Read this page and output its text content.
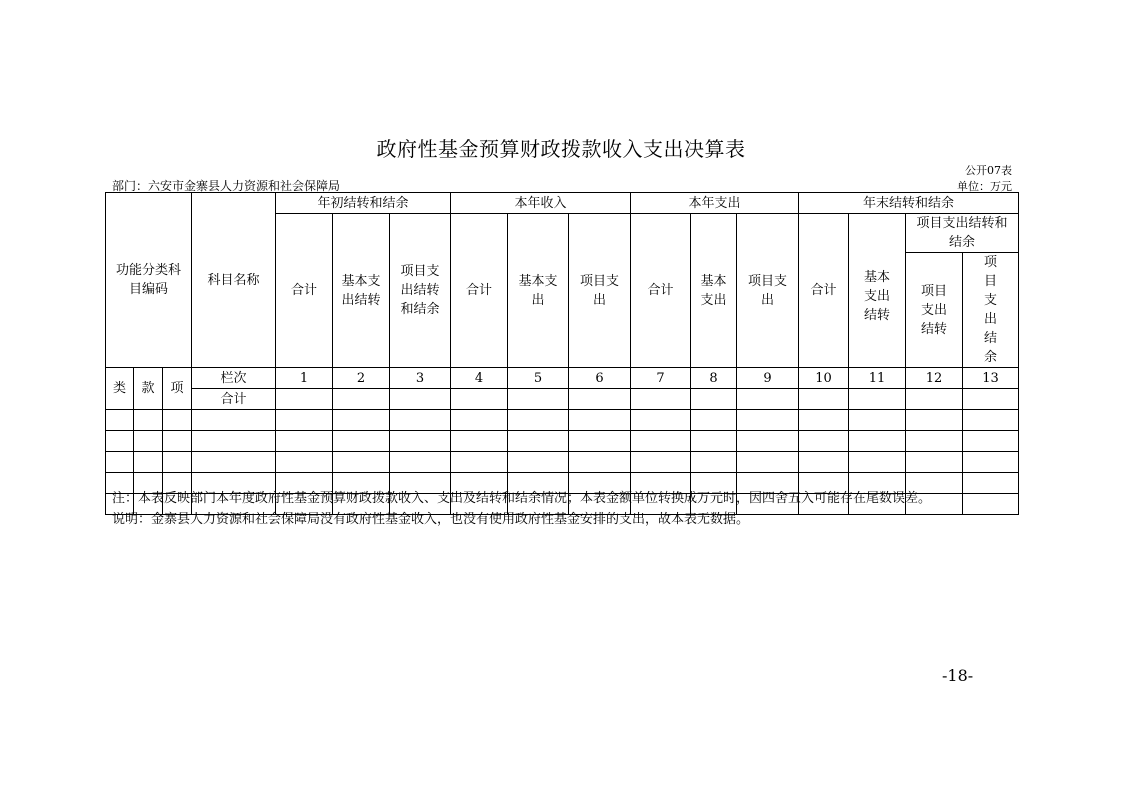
政府性基金预算财政拨款收入支出决算表
公开07表
部门：六安市金寨县人力资源和社会保障局	单位：万元
功能分类科目编码			科目名称	年初结转和结余			本年收入			本年支出			年末结转和结余			
				合计	基本支出结转	项目支出结转和结余	合计	基本支出	项目支出	合计	基本支出	项目支出	合计	基本支出结转	项目支出结转和结余	
															项目支出结转	项目支出结余
类	款	项	栏次	1	2	3	4	5	6	7	8	9	10	11	12	13
			合计													

注：本表反映部门本年度政府性基金预算财政拨款收入、支出及结转和结余情况；本表金额单位转换成万元时，因四舍五入可能存在尾数误差。
说明：金寨县人力资源和社会保障局没有政府性基金收入，也没有使用政府性基金安排的支出，故本表无数据。
-18-
